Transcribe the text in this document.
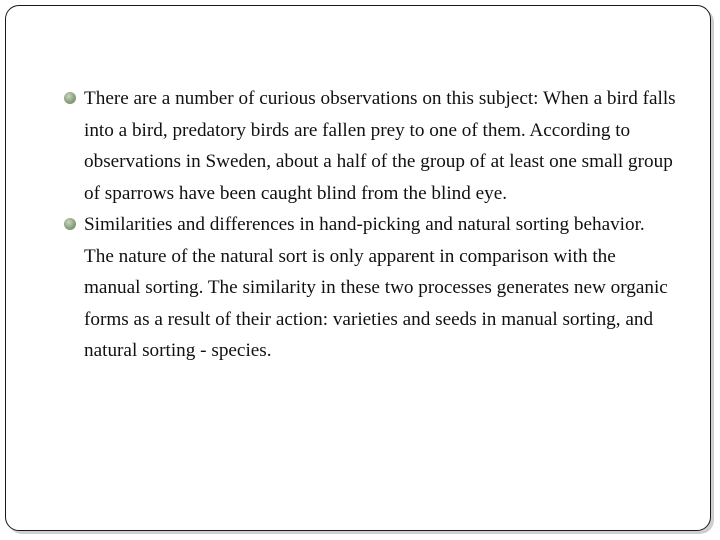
There are a number of curious observations on this subject: When a bird falls into a bird, predatory birds are fallen prey to one of them. According to observations in Sweden, about a half of the group of at least one small group of sparrows have been caught blind from the blind eye.
Similarities and differences in hand-picking and natural sorting behavior. The nature of the natural sort is only apparent in comparison with the manual sorting. The similarity in these two processes generates new organic forms as a result of their action: varieties and seeds in manual sorting, and natural sorting - species.
